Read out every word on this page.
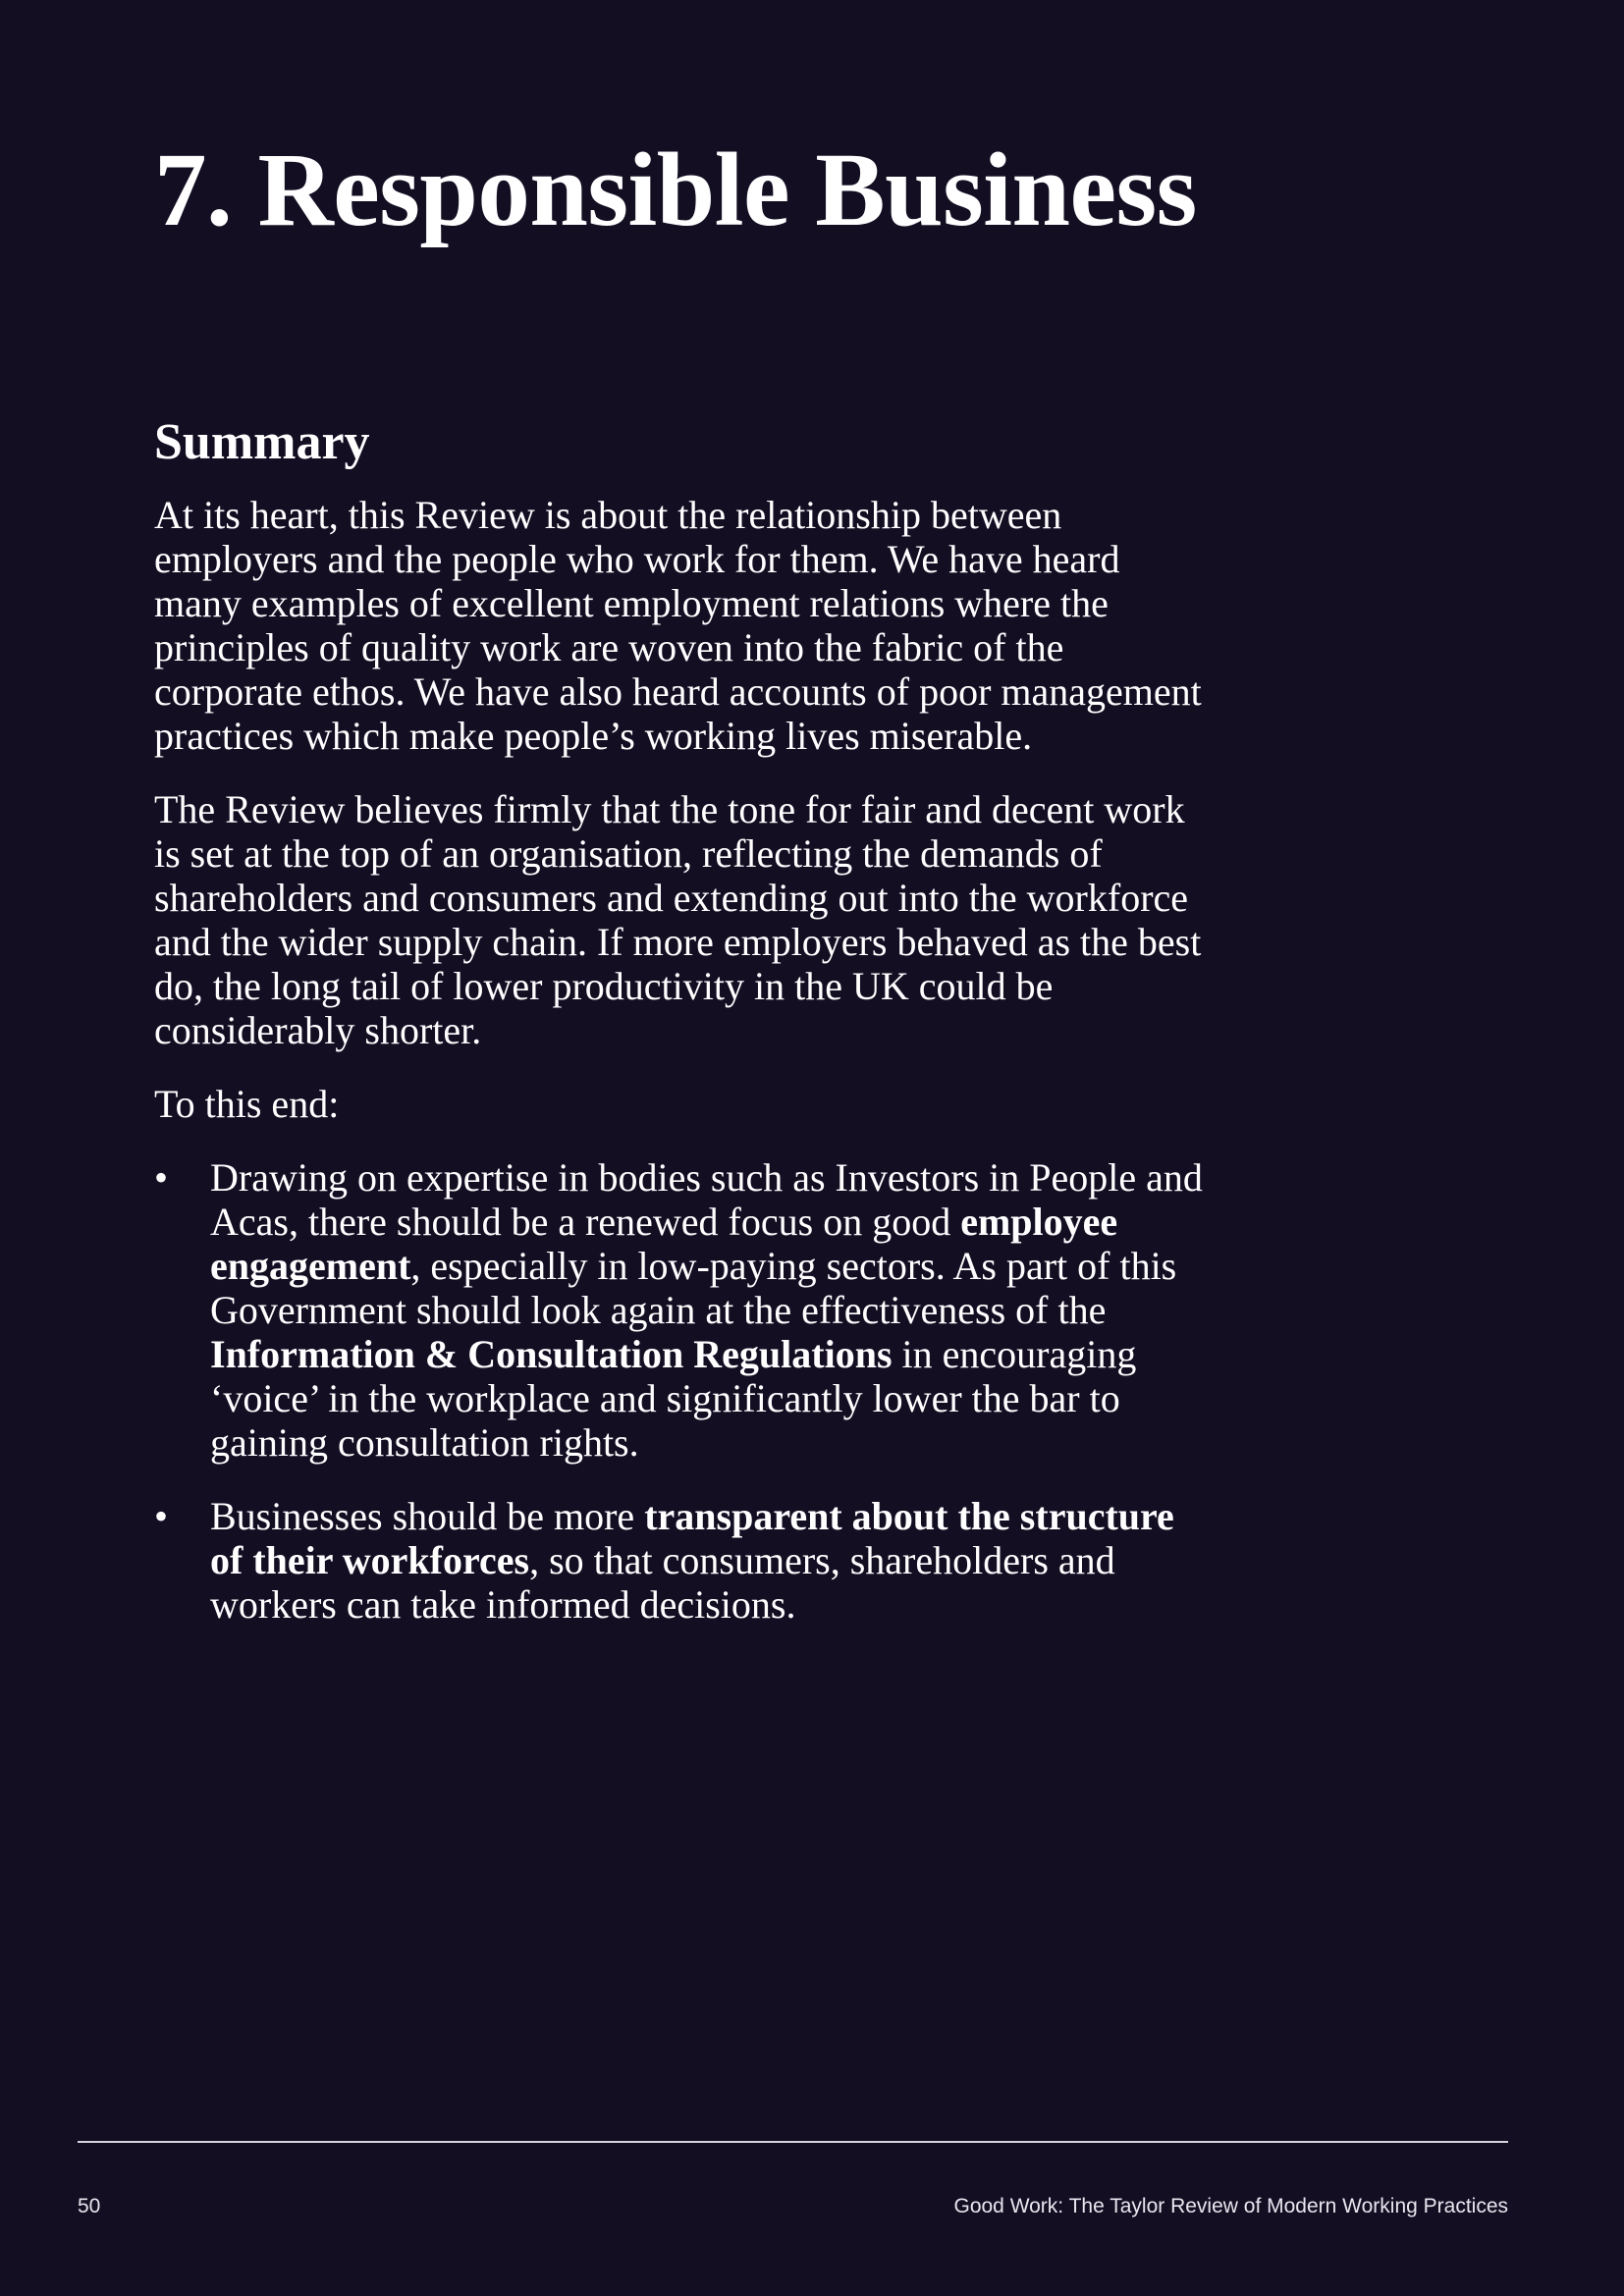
7. Responsible Business
Summary

At its heart, this Review is about the relationship between employers and the people who work for them. We have heard many examples of excellent employment relations where the principles of quality work are woven into the fabric of the corporate ethos. We have also heard accounts of poor management practices which make people’s working lives miserable.

The Review believes firmly that the tone for fair and decent work is set at the top of an organisation, reflecting the demands of shareholders and consumers and extending out into the workforce and the wider supply chain. If more employers behaved as the best do, the long tail of lower productivity in the UK could be considerably shorter.

To this end:

• Drawing on expertise in bodies such as Investors in People and Acas, there should be a renewed focus on good employee engagement, especially in low-paying sectors. As part of this Government should look again at the effectiveness of the Information & Consultation Regulations in encouraging ‘voice’ in the workplace and significantly lower the bar to gaining consultation rights.
• Businesses should be more transparent about the structure of their workforces, so that consumers, shareholders and workers can take informed decisions.
50	Good Work: The Taylor Review of Modern Working Practices
